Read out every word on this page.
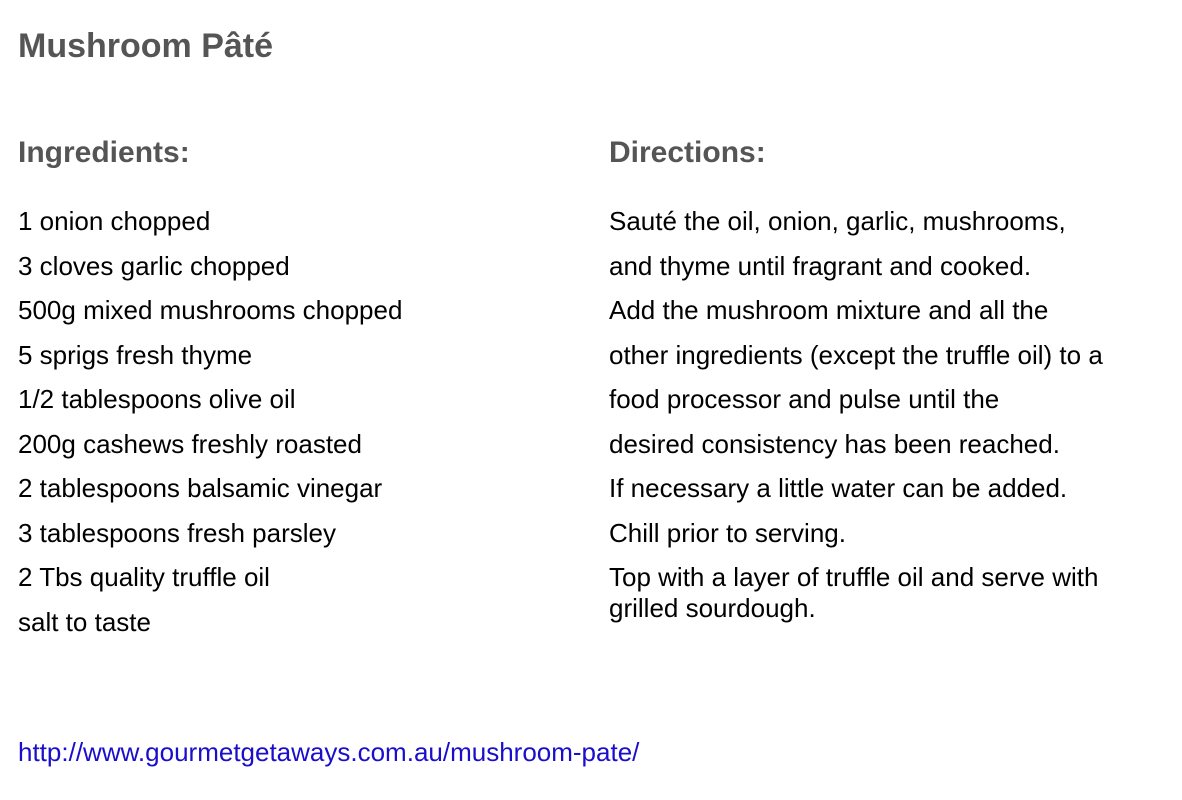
Mushroom Pâté
Ingredients:	Directions:
1 onion chopped
3 cloves garlic chopped
500g mixed mushrooms chopped
5 sprigs fresh thyme
1/2 tablespoons olive oil
200g cashews freshly roasted
2 tablespoons balsamic vinegar
3 tablespoons fresh parsley
2 Tbs quality truffle oil
salt to taste
Sauté the oil, onion, garlic, mushrooms,
and thyme until fragrant and cooked.
Add the mushroom mixture and all the
other ingredients (except the truffle oil) to a
food processor and pulse until the
desired consistency has been reached.
If necessary a little water can be added.
Chill prior to serving.

Top with a layer of truffle oil and serve with grilled sourdough.

http://www.gourmetgetaways.com.au/mushroom-pate/
